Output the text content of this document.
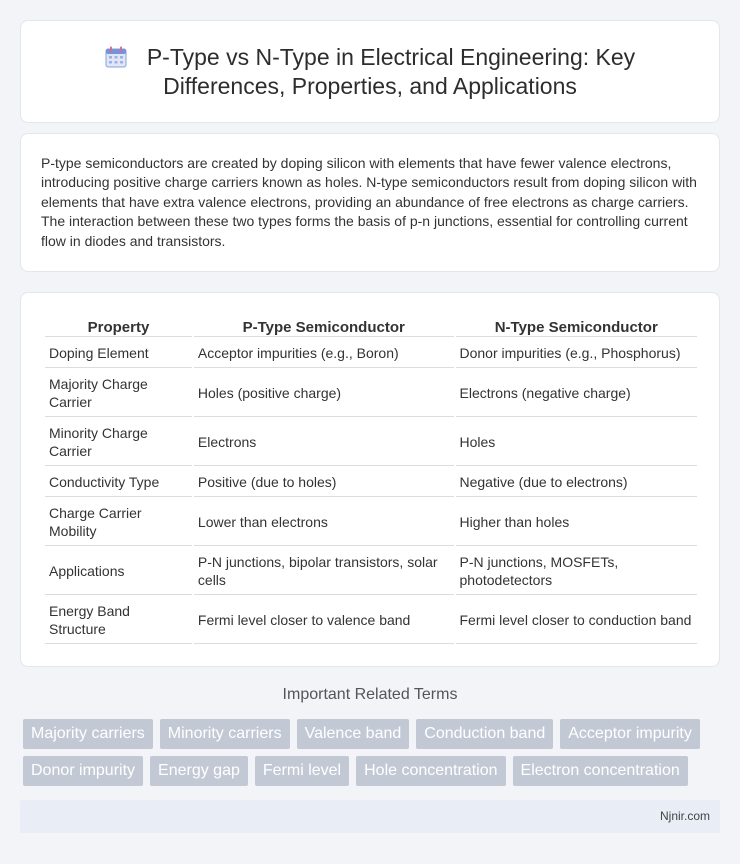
P-Type vs N-Type in Electrical Engineering: Key
Differences, Properties, and Applications

P-type semiconductors are created by doping silicon with elements that have fewer valence electrons, introducing positive charge carriers known as holes. N-type semiconductors result from doping silicon with elements that have extra valence electrons, providing an abundance of free electrons as charge carriers. The interaction between these two types forms the basis of p-n junctions, essential for controlling current flow in diodes and transistors.

Property	P-Type Semiconductor	N-Type Semiconductor
Doping Element	Acceptor impurities (e.g., Boron)	Donor impurities (e.g., Phosphorus)
Majority Charge Carrier	Holes (positive charge)	Electrons (negative charge)
Minority Charge Carrier	Electrons	Holes
Conductivity Type	Positive (due to holes)	Negative (due to electrons)
Charge Carrier Mobility	Lower than electrons	Higher than holes
Applications	P-N junctions, bipolar transistors, solar cells	P-N junctions, MOSFETs, photodetectors
Energy Band Structure	Fermi level closer to valence band	Fermi level closer to conduction band
Important Related Terms
Majority carriers	Minority carriers	Valence band	Conduction band	Acceptor impurity
Donor impurity	Energy gap	Fermi level	Hole concentration	Electron concentration
Njnir.com
